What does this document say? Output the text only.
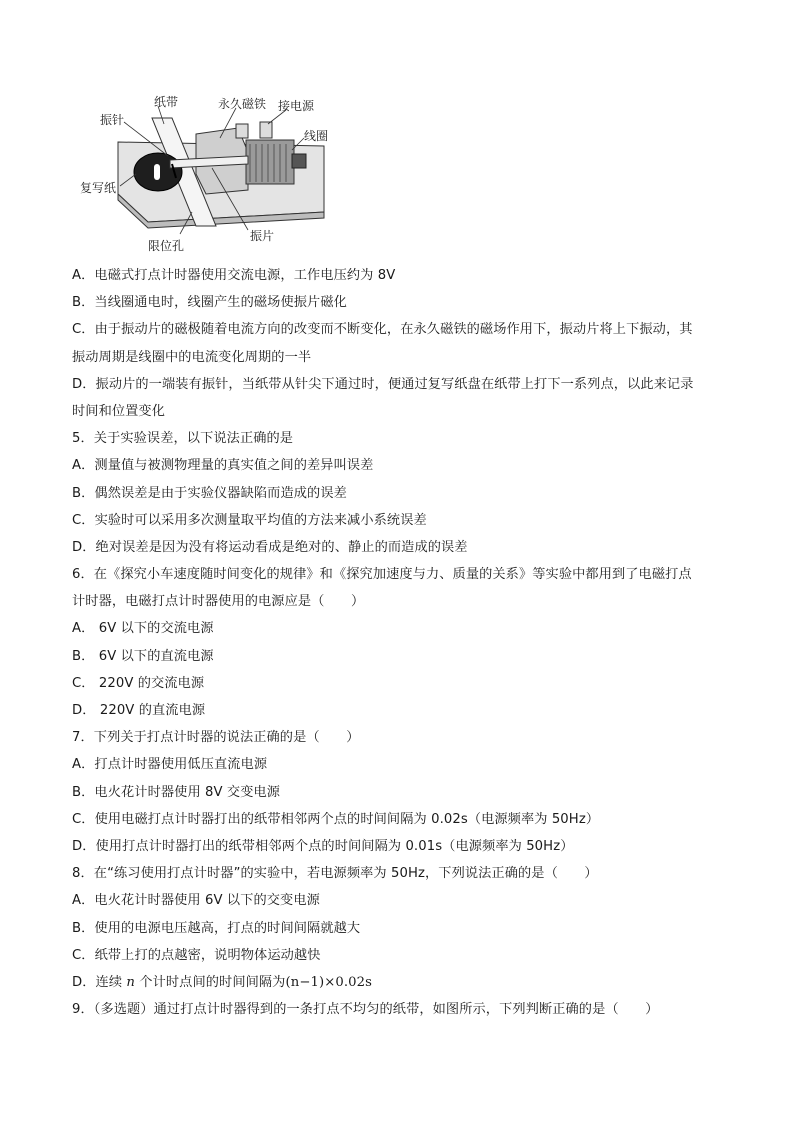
纸带
振针
永久磁铁 接电源
线圈
复写纸
限位孔
振片
A．电磁式打点计时器使用交流电源，工作电压约为 8V
B．当线圈通电时，线圈产生的磁场使振片磁化
C．由于振动片的磁极随着电流方向的改变而不断变化，在永久磁铁的磁场作用下，振动片将上下振动，其
振动周期是线圈中的电流变化周期的一半
D．振动片的一端装有振针，当纸带从针尖下通过时，便通过复写纸盘在纸带上打下一系列点，以此来记录
时间和位置变化
5．关于实验误差，以下说法正确的是
A．测量值与被测物理量的真实值之间的差异叫误差
B．偶然误差是由于实验仪器缺陷而造成的误差
C．实验时可以采用多次测量取平均值的方法来减小系统误差
D．绝对误差是因为没有将运动看成是绝对的、静止的而造成的误差
6．在《探究小车速度随时间变化的规律》和《探究加速度与力、质量的关系》等实验中都用到了电磁打点
计时器，电磁打点计时器使用的电源应是（　　）
A． 6V 以下的交流电源
B． 6V 以下的直流电源
C． 220V 的交流电源
D． 220V 的直流电源
7．下列关于打点计时器的说法正确的是（　　）
A．打点计时器使用低压直流电源
B．电火花计时器使用 8V 交变电源
C．使用电磁打点计时器打出的纸带相邻两个点的时间间隔为 0.02s（电源频率为 50Hz）
D．使用打点计时器打出的纸带相邻两个点的时间间隔为 0.01s（电源频率为 50Hz）
8．在“练习使用打点计时器”的实验中，若电源频率为 50Hz，下列说法正确的是（　　）
A．电火花计时器使用 6V 以下的交变电源
B．使用的电源电压越高，打点的时间间隔就越大
C．纸带上打的点越密，说明物体运动越快
D．连续 n 个计时点间的时间间隔为(n−1)×0.02s
9．（多选题）通过打点计时器得到的一条打点不均匀的纸带，如图所示，下列判断正确的是（　　）
